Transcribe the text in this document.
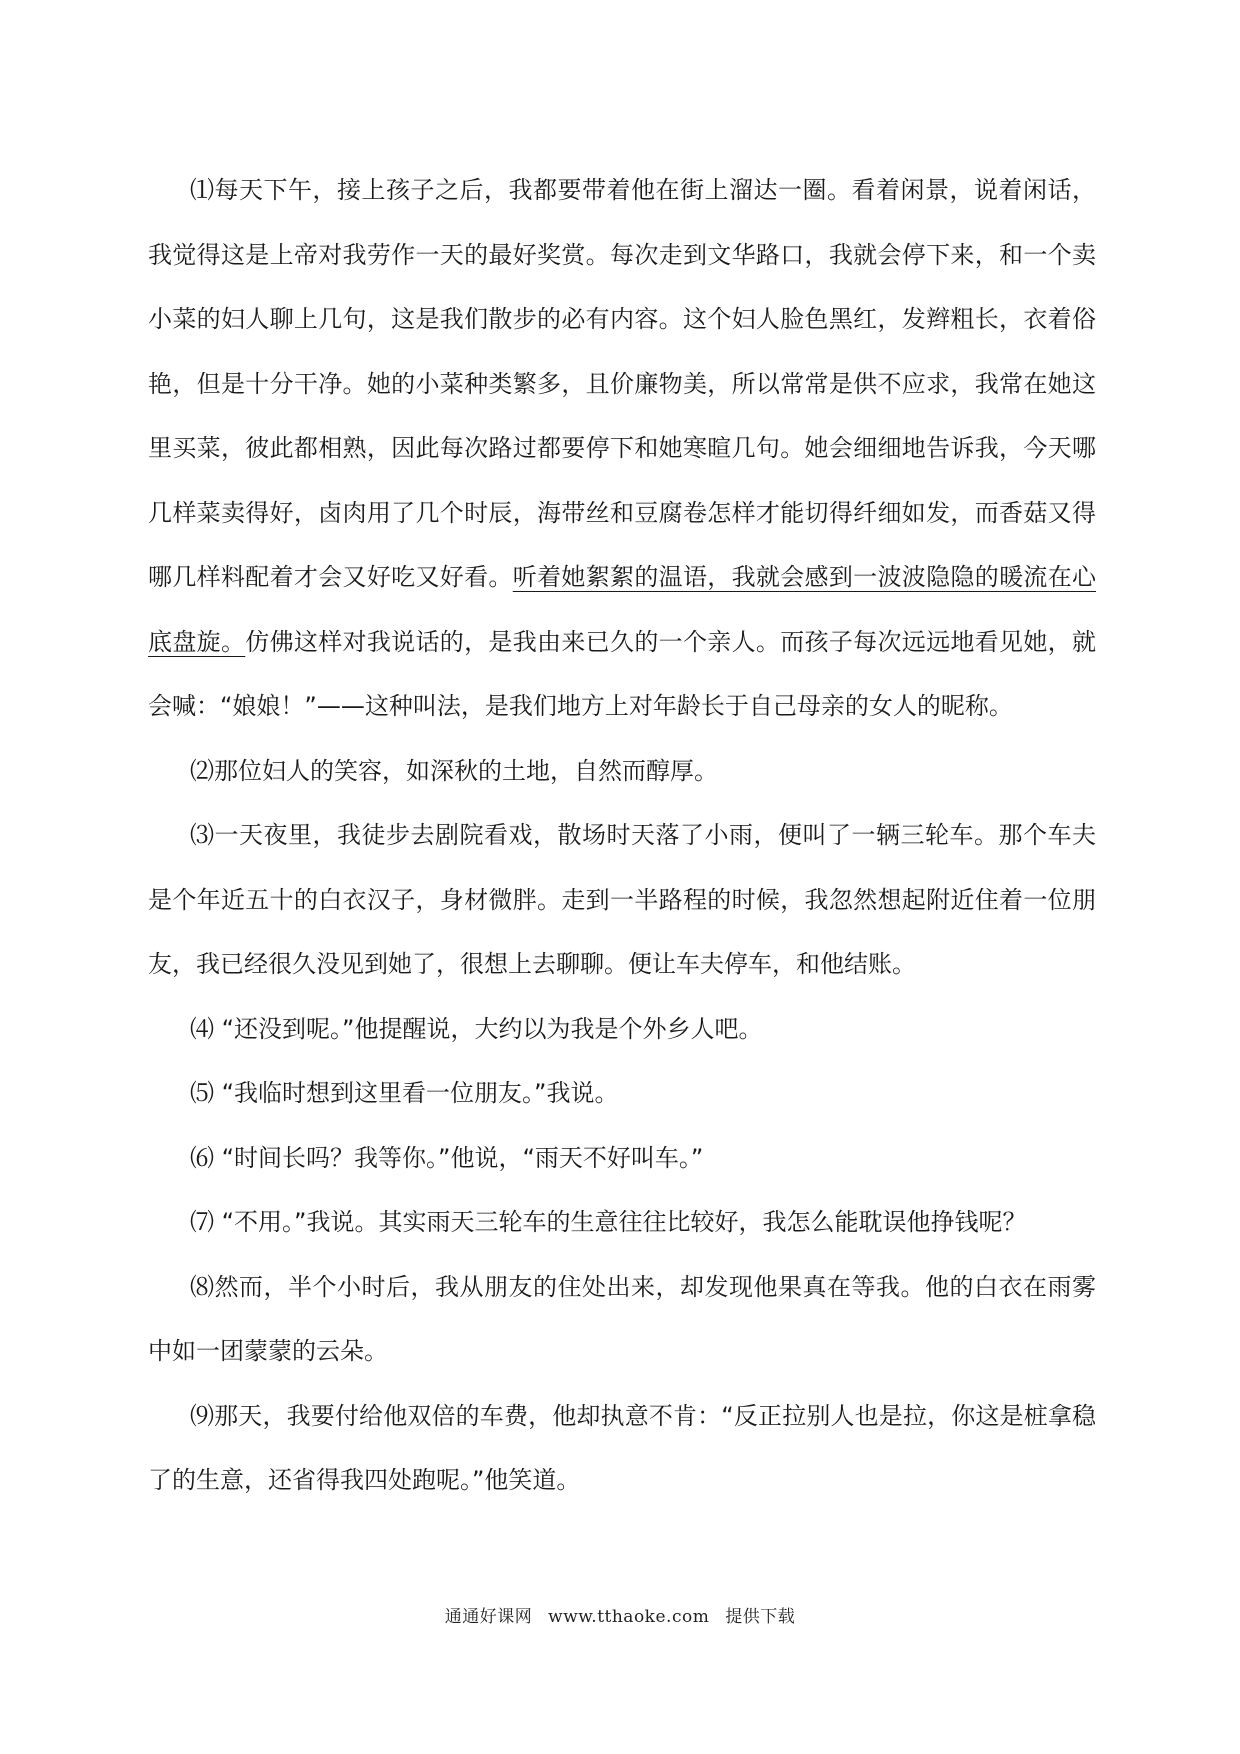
⑴每天下午，接上孩子之后，我都要带着他在街上溜达一圈。看着闲景，说着闲话，我觉得这是上帝对我劳作一天的最好奖赏。每次走到文华路口，我就会停下来，和一个卖小菜的妇人聊上几句，这是我们散步的必有内容。这个妇人脸色黑红，发辫粗长，衣着俗艳，但是十分干净。她的小菜种类繁多，且价廉物美，所以常常是供不应求，我常在她这里买菜，彼此都相熟，因此每次路过都要停下和她寒暄几句。她会细细地告诉我，今天哪几样菜卖得好，卤肉用了几个时辰，海带丝和豆腐卷怎样才能切得纤细如发，而香菇又得哪几样料配着才会又好吃又好看。听着她絮絮的温语，我就会感到一波波隐隐的暖流在心底盘旋。仿佛这样对我说话的，是我由来已久的一个亲人。而孩子每次远远地看见她，就会喊：“娘娘！”——这种叫法，是我们地方上对年龄长于自己母亲的女人的昵称。

⑵那位妇人的笑容，如深秋的土地，自然而醇厚。

⑶一天夜里，我徒步去剧院看戏，散场时天落了小雨，便叫了一辆三轮车。那个车夫是个年近五十的白衣汉子，身材微胖。走到一半路程的时候，我忽然想起附近住着一位朋友，我已经很久没见到她了，很想上去聊聊。便让车夫停车，和他结账。

⑷ “还没到呢。”他提醒说，大约以为我是个外乡人吧。

⑸ “我临时想到这里看一位朋友。”我说。

⑹ “时间长吗？我等你。”他说，“雨天不好叫车。”

⑺ “不用。”我说。其实雨天三轮车的生意往往比较好，我怎么能耽误他挣钱呢？

⑻然而，半个小时后，我从朋友的住处出来，却发现他果真在等我。他的白衣在雨雾中如一团蒙蒙的云朵。

⑼那天，我要付给他双倍的车费，他却执意不肯：“反正拉别人也是拉，你这是桩拿稳了的生意，还省得我四处跑呢。”他笑道。

通通好课网 www.tthaoke.com 提供下载
